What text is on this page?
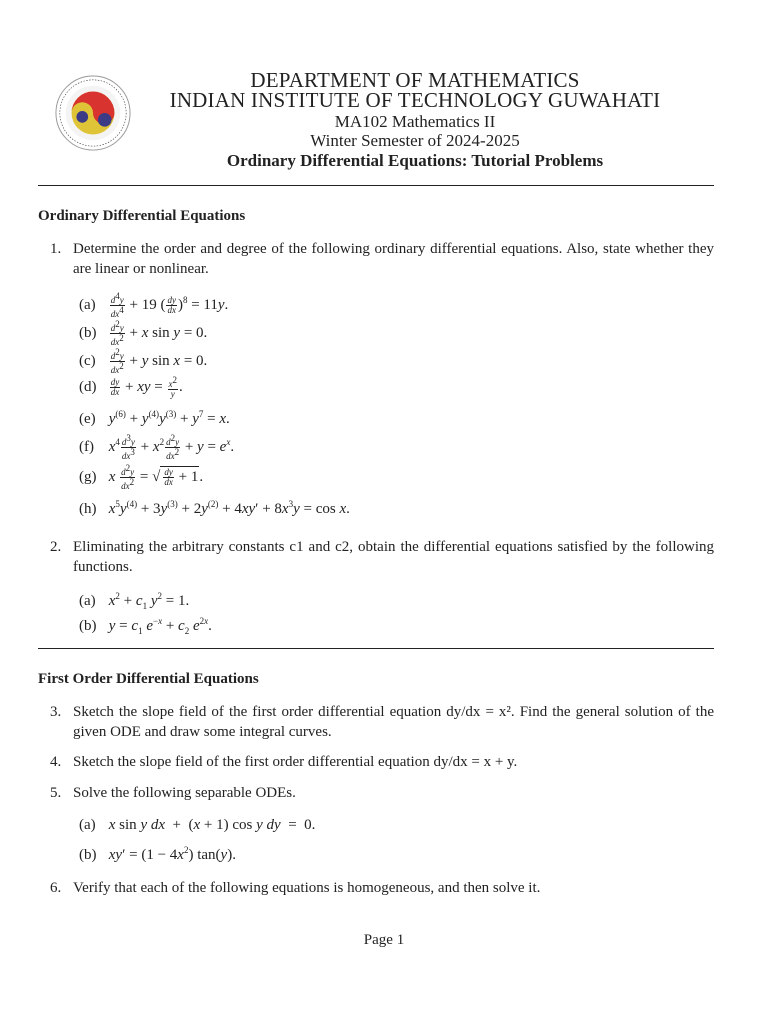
DEPARTMENT OF MATHEMATICS
INDIAN INSTITUTE OF TECHNOLOGY GUWAHATI
MA102 Mathematics II
Winter Semester of 2024-2025
Ordinary Differential Equations: Tutorial Problems
Ordinary Differential Equations
1. Determine the order and degree of the following ordinary differential equations. Also, state whether they are linear or nonlinear.
$(a) \frac{d^4y}{dx^4} + 19$ ( $\frac{dy}{dx} )^8 = 11y$.
$(b) \frac{d^2y}{dx^2} + x$ sin y = 0.
$(c) \frac{d^2y}{dx^2} + y$ sin x = 0.
$(d) \frac{dy}{dx}$ + xy = $\frac{x^2}{y}$ .
(e) $y^{(6)} + y^{(4)}y^{(3)} + y^7 = x$.
(f) $x^4 \frac{d^3y}{dx^3} + x^2 \frac{d^2y}{dx^2} + y = e^x$.
(g) x $\frac{d^2y}{dx^2}$ = √ $\frac{dy}{dx} + 1$.
(h) $x^5y^{(4)} + 3y^{(3)} + 2y^{(2)} + 4xy' + 8x^3y = \cos x$.
2. Eliminating the arbitrary constants c1 and c2, obtain the differential equations satisfied by the following functions.
(a) $x^2 + c_1$ $y^2 = 1$.
(b) $y = c_1$ $e^{-x} + c_2$ $e^{2x}$.
First Order Differential Equations
3. Sketch the slope field of the first order differential equation dy/dx = x². Find the general solution of the given ODE and draw some integral curves.
4. Sketch the slope field of the first order differential equation dy/dx = x + y.
5. Solve the following separable ODEs.
(a) x sin y dx  +  (x + 1) cos y dy  =  0.
(b) $xy' = (1 - 4x^2)$ tan(y).
6. Verify that each of the following equations is homogeneous, and then solve it.
Page 1
